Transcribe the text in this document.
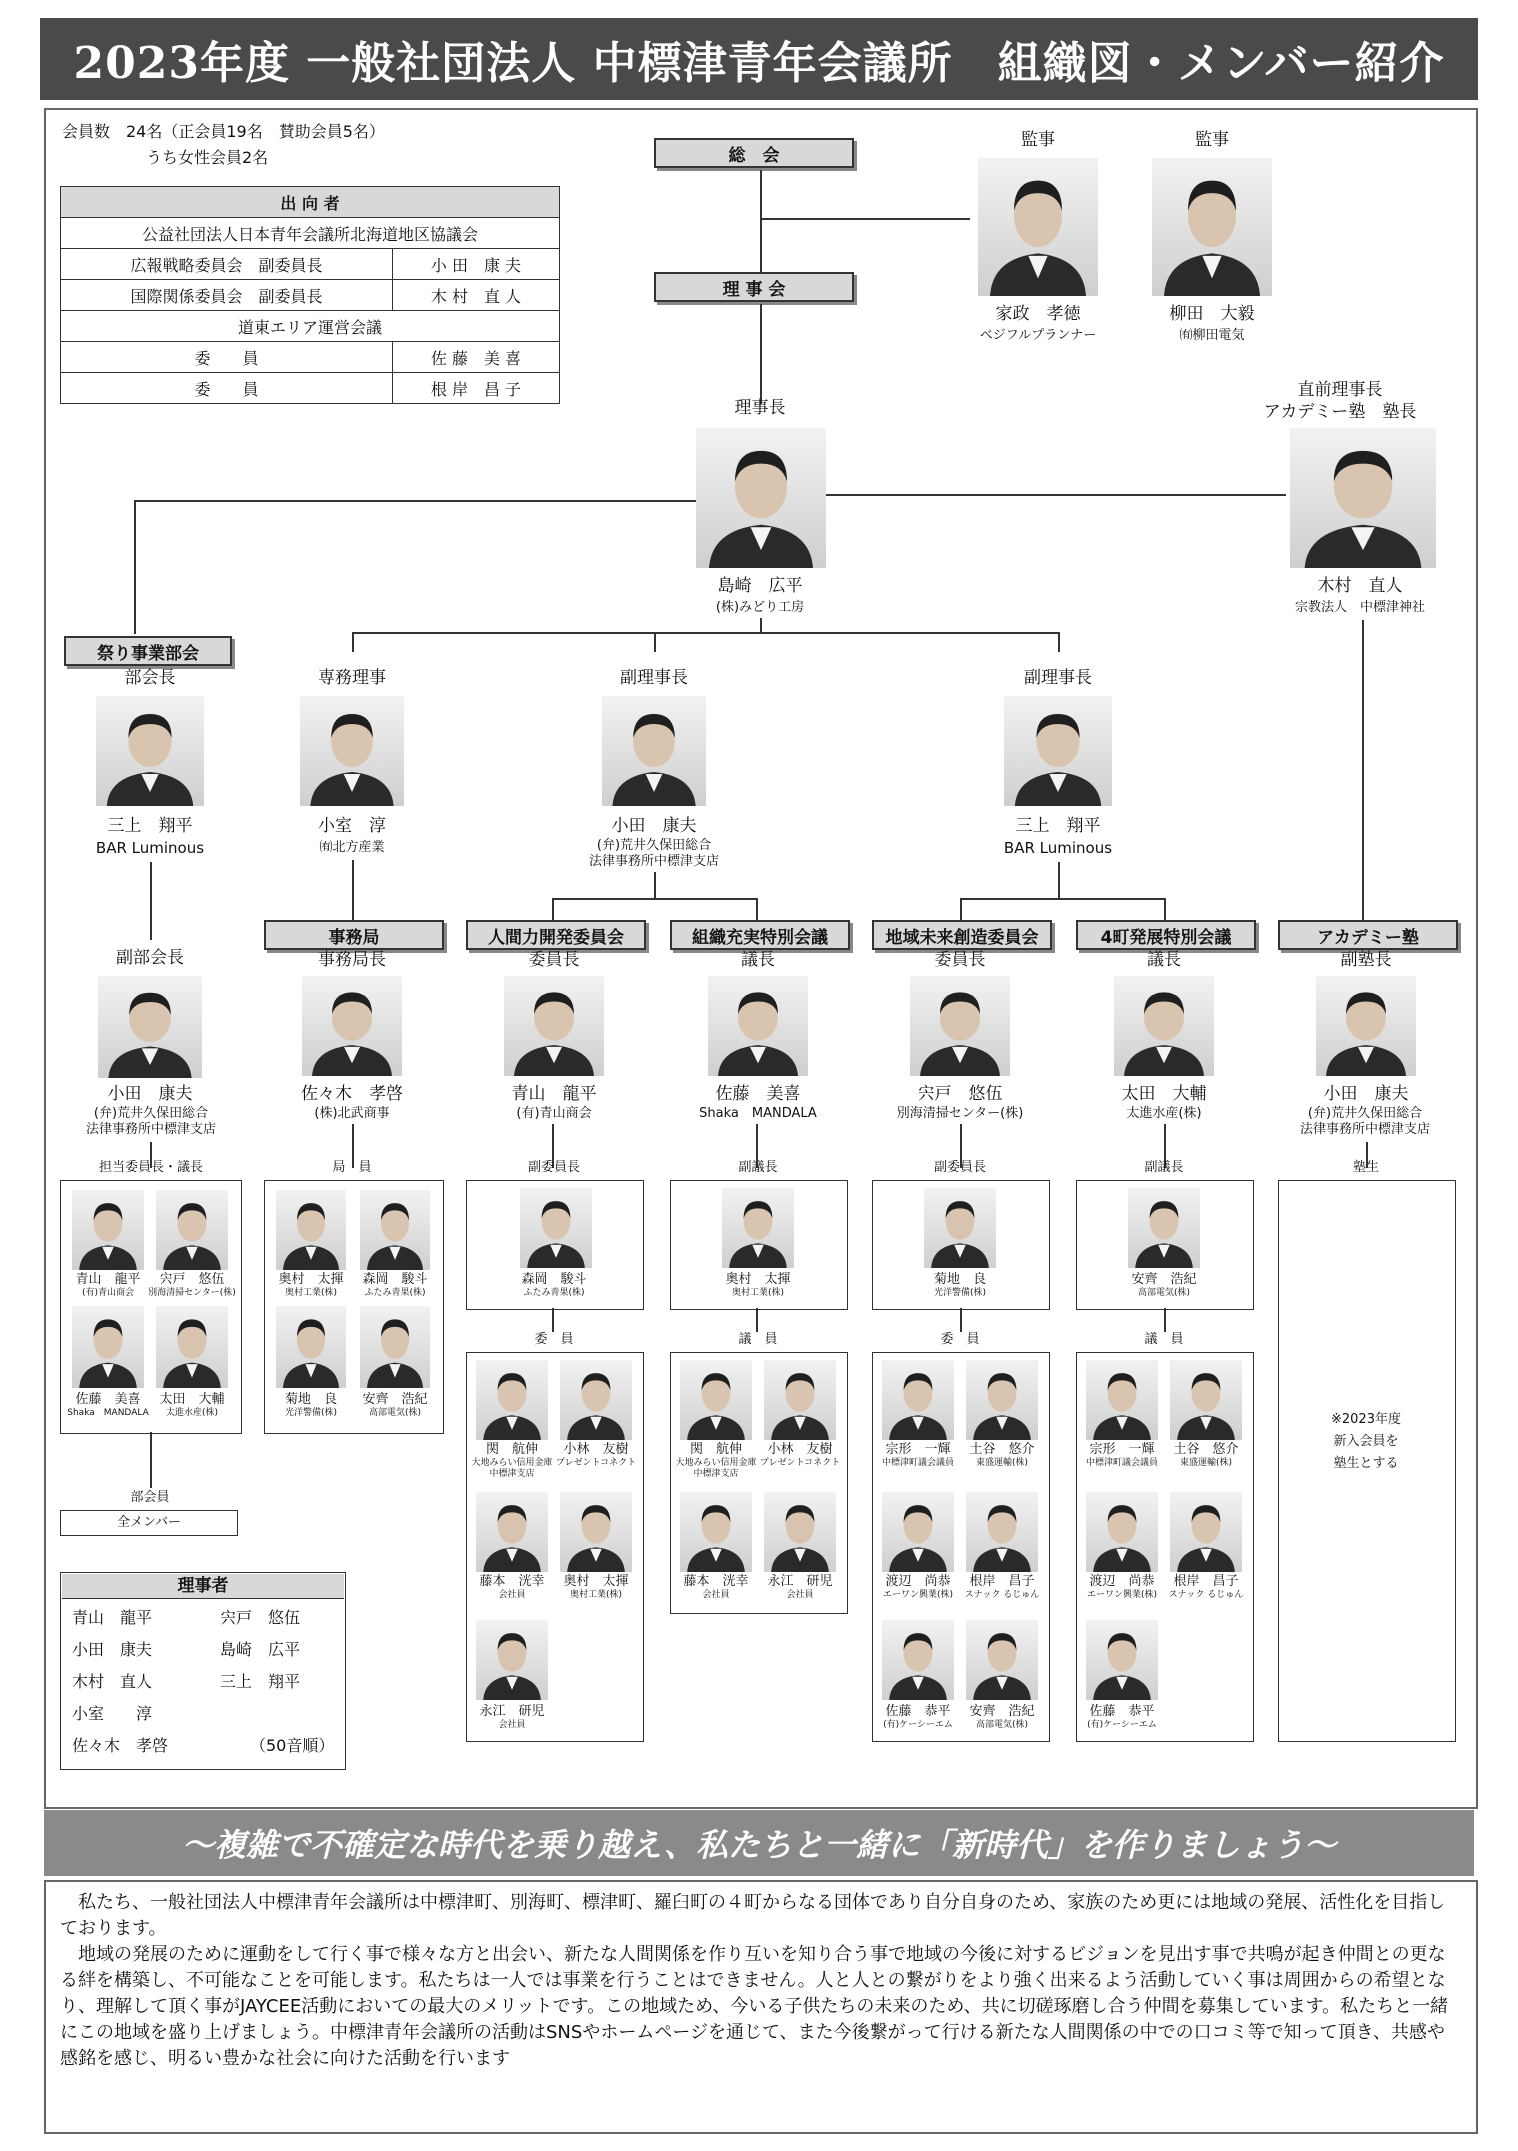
2023年度 一般社団法人 中標津青年会議所　組織図・メンバー紹介
会員数　24名（正会員19名　賛助会員5名）
うち女性会員2名
出 向 者	
公益社団法人日本青年会議所北海道地区協議会	
広報戦略委員会　副委員長	小 田　康 夫
国際関係委員会　副委員長	木 村　直 人
道東エリア運営会議	
委　　員	佐 藤　美 喜
委　　員	根 岸　昌 子
総　会
理 事 会
監事
家政　孝徳
ベジフルプランナー
監事
柳田　大毅
㈲柳田電気
理事長
島崎　広平
(株)みどり工房
直前理事長
アカデミー塾　塾長
木村　直人
宗教法人　中標津神社
祭り事業部会
部会長
三上　翔平
BAR Luminous
専務理事
小室　淳
㈲北方産業
副理事長
小田　康夫
(弁)荒井久保田総合
法律事務所中標津支店
副理事長
三上　翔平
BAR Luminous
副部会長
小田　康夫
(弁)荒井久保田総合
法律事務所中標津支店
事務局	人間力開発委員会	組織充実特別会議	地域未来創造委員会	4町発展特別会議	アカデミー塾
事務局長
佐々木　孝啓
(株)北武商事
委員長
青山　龍平
(有)青山商会
議長
佐藤　美喜
Shaka　MANDALA
委員長
宍戸　悠伍
別海清掃センター(株)
議長
太田　大輔
太進水産(株)
副塾長
小田　康夫
(弁)荒井久保田総合
法律事務所中標津支店
担当委員長・議長
青山　龍平
(有)青山商会
宍戸　悠伍
別海清掃センター(株)
佐藤　美喜
Shaka　MANDALA
太田　大輔
太進水産(株)
局　員
奥村　太揮
奥村工業(株)
森岡　駿斗
ふたみ青果(株)
菊地　良
光洋警備(株)
安齊　浩紀
高部電気(株)
副委員長
森岡　駿斗
ふたみ青果(株)
副議長
奥村　太揮
奥村工業(株)
副委員長
菊地　良
光洋警備(株)
副議長
安齊　浩紀
高部電気(株)
塾生
※2023年度
新入会員を
塾生とする
委　員
関　航伸
大地みらい信用金庫
中標津支店
小林　友樹
プレゼントコネクト
藤本　洸幸
会社員
奥村　太揮
奥村工業(株)
永江　研児
会社員
議　員
関　航伸
大地みらい信用金庫
中標津支店
小林　友樹
プレゼントコネクト
藤本　洸幸
会社員
永江　研児
会社員
委　員
宗形　一輝
中標津町議会議員
土谷　悠介
東盛運輸(株)
渡辺　尚恭
エーワン興業(株)
根岸　昌子
スナック るじゅん
佐藤　恭平
(有)ケーシーエム
安齊　浩紀
高部電気(株)
議　員
宗形　一輝
中標津町議会議員
土谷　悠介
東盛運輸(株)
渡辺　尚恭
エーワン興業(株)
根岸　昌子
スナック るじゅん
佐藤　恭平
(有)ケーシーエム
部会員
全メンバー
理事者
青山　龍平	宍戸　悠伍
小田　康夫	島崎　広平
木村　直人	三上　翔平
小室　　淳
佐々木　孝啓	（50音順）
〜複雑で不確定な時代を乗り越え、私たちと一緒に「新時代」を作りましょう〜

私たち、一般社団法人中標津青年会議所は中標津町、別海町、標津町、羅臼町の４町からなる団体であり自分自身のため、家族のため更には地域の発展、活性化を目指しております。

地域の発展のために運動をして行く事で様々な方と出会い、新たな人間関係を作り互いを知り合う事で地域の今後に対するビジョンを見出す事で共鳴が起き仲間との更なる絆を構築し、不可能なことを可能します。私たちは一人では事業を行うことはできません。人と人との繋がりをより強く出来るよう活動していく事は周囲からの希望となり、理解して頂く事がJAYCEE活動においての最大のメリットです。この地域ため、今いる子供たちの未来のため、共に切磋琢磨し合う仲間を募集しています。私たちと一緒にこの地域を盛り上げましょう。中標津青年会議所の活動はSNSやホームページを通じて、また今後繋がって行ける新たな人間関係の中での口コミ等で知って頂き、共感や感銘を感じ、明るい豊かな社会に向けた活動を行います
